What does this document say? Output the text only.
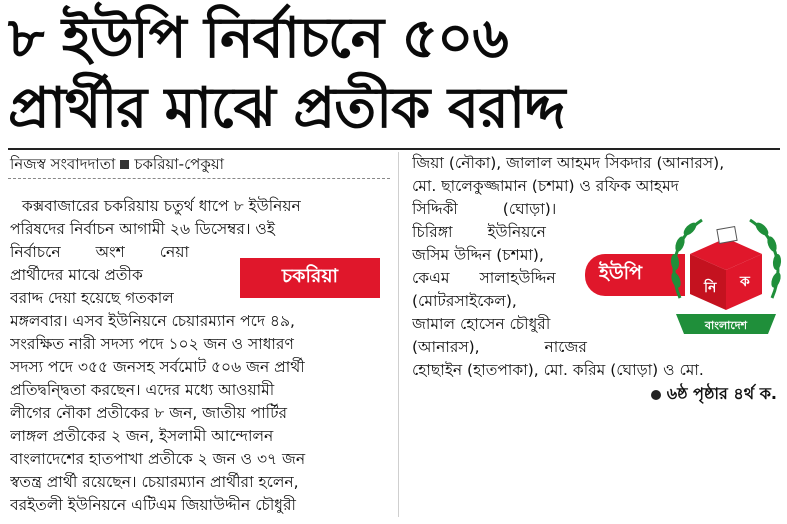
৮ ইউপি নির্বাচনে ৫০৬
প্রার্থীর মাঝে প্রতীক বরাদ্দ
নিজস্ব সংবাদদাতা চকরিয়া-পেকুয়া
কক্সবাজারের চকরিয়ায় চতুর্থ ধাপে ৮ ইউনিয়ন
পরিষদের নির্বাচন আগামী ২৬ ডিসেম্বর। ওই
নির্বাচনে অংশ নেয়া
প্রার্থীদের মাঝে প্রতীক
বরাদ্দ দেয়া হয়েছে গতকাল
মঙ্গলবার। এসব ইউনিয়নে চেয়ারম্যান পদে ৪৯,
সংরক্ষিত নারী সদস্য পদে ১০২ জন ও সাধারণ
সদস্য পদে ৩৫৫ জনসহ সর্বমোট ৫০৬ জন প্রার্থী
প্রতিদ্বন্দ্বিতা করছেন। এদের মধ্যে আওয়ামী
লীগের নৌকা প্রতীকের ৮ জন, জাতীয় পার্টির
লাঙ্গল প্রতীকের ২ জন, ইসলামী আন্দোলন
বাংলাদেশের হাতপাখা প্রতীকে ২ জন ও ৩৭ জন
স্বতন্ত্র প্রার্থী রয়েছেন। চেয়ারম্যান প্রার্থীরা হলেন,
বরইতলী ইউনিয়নে এটিএম জিয়াউদ্দীন চৌধুরী
চকরিয়া
জিয়া (নৌকা), জালাল আহমদ সিকদার (আনারস),
মো. ছালেকুজ্জামান (চশমা) ও রফিক আহমদ
সিদ্দিকী (ঘোড়া)।
চিরিঙ্গা ইউনিয়নে
জসিম উদ্দিন (চশমা),
কেএম সালাহউদ্দিন
(মোটরসাইকেল),
জামাল হোসেন চৌধুরী
(আনারস), নাজের
হোছাইন (হাতপাকা), মো. করিম (ঘোড়া) ও মো.
ইউপি
নি ক
বাংলাদেশ
৬ষ্ঠ পৃষ্ঠার ৪র্থ ক.
